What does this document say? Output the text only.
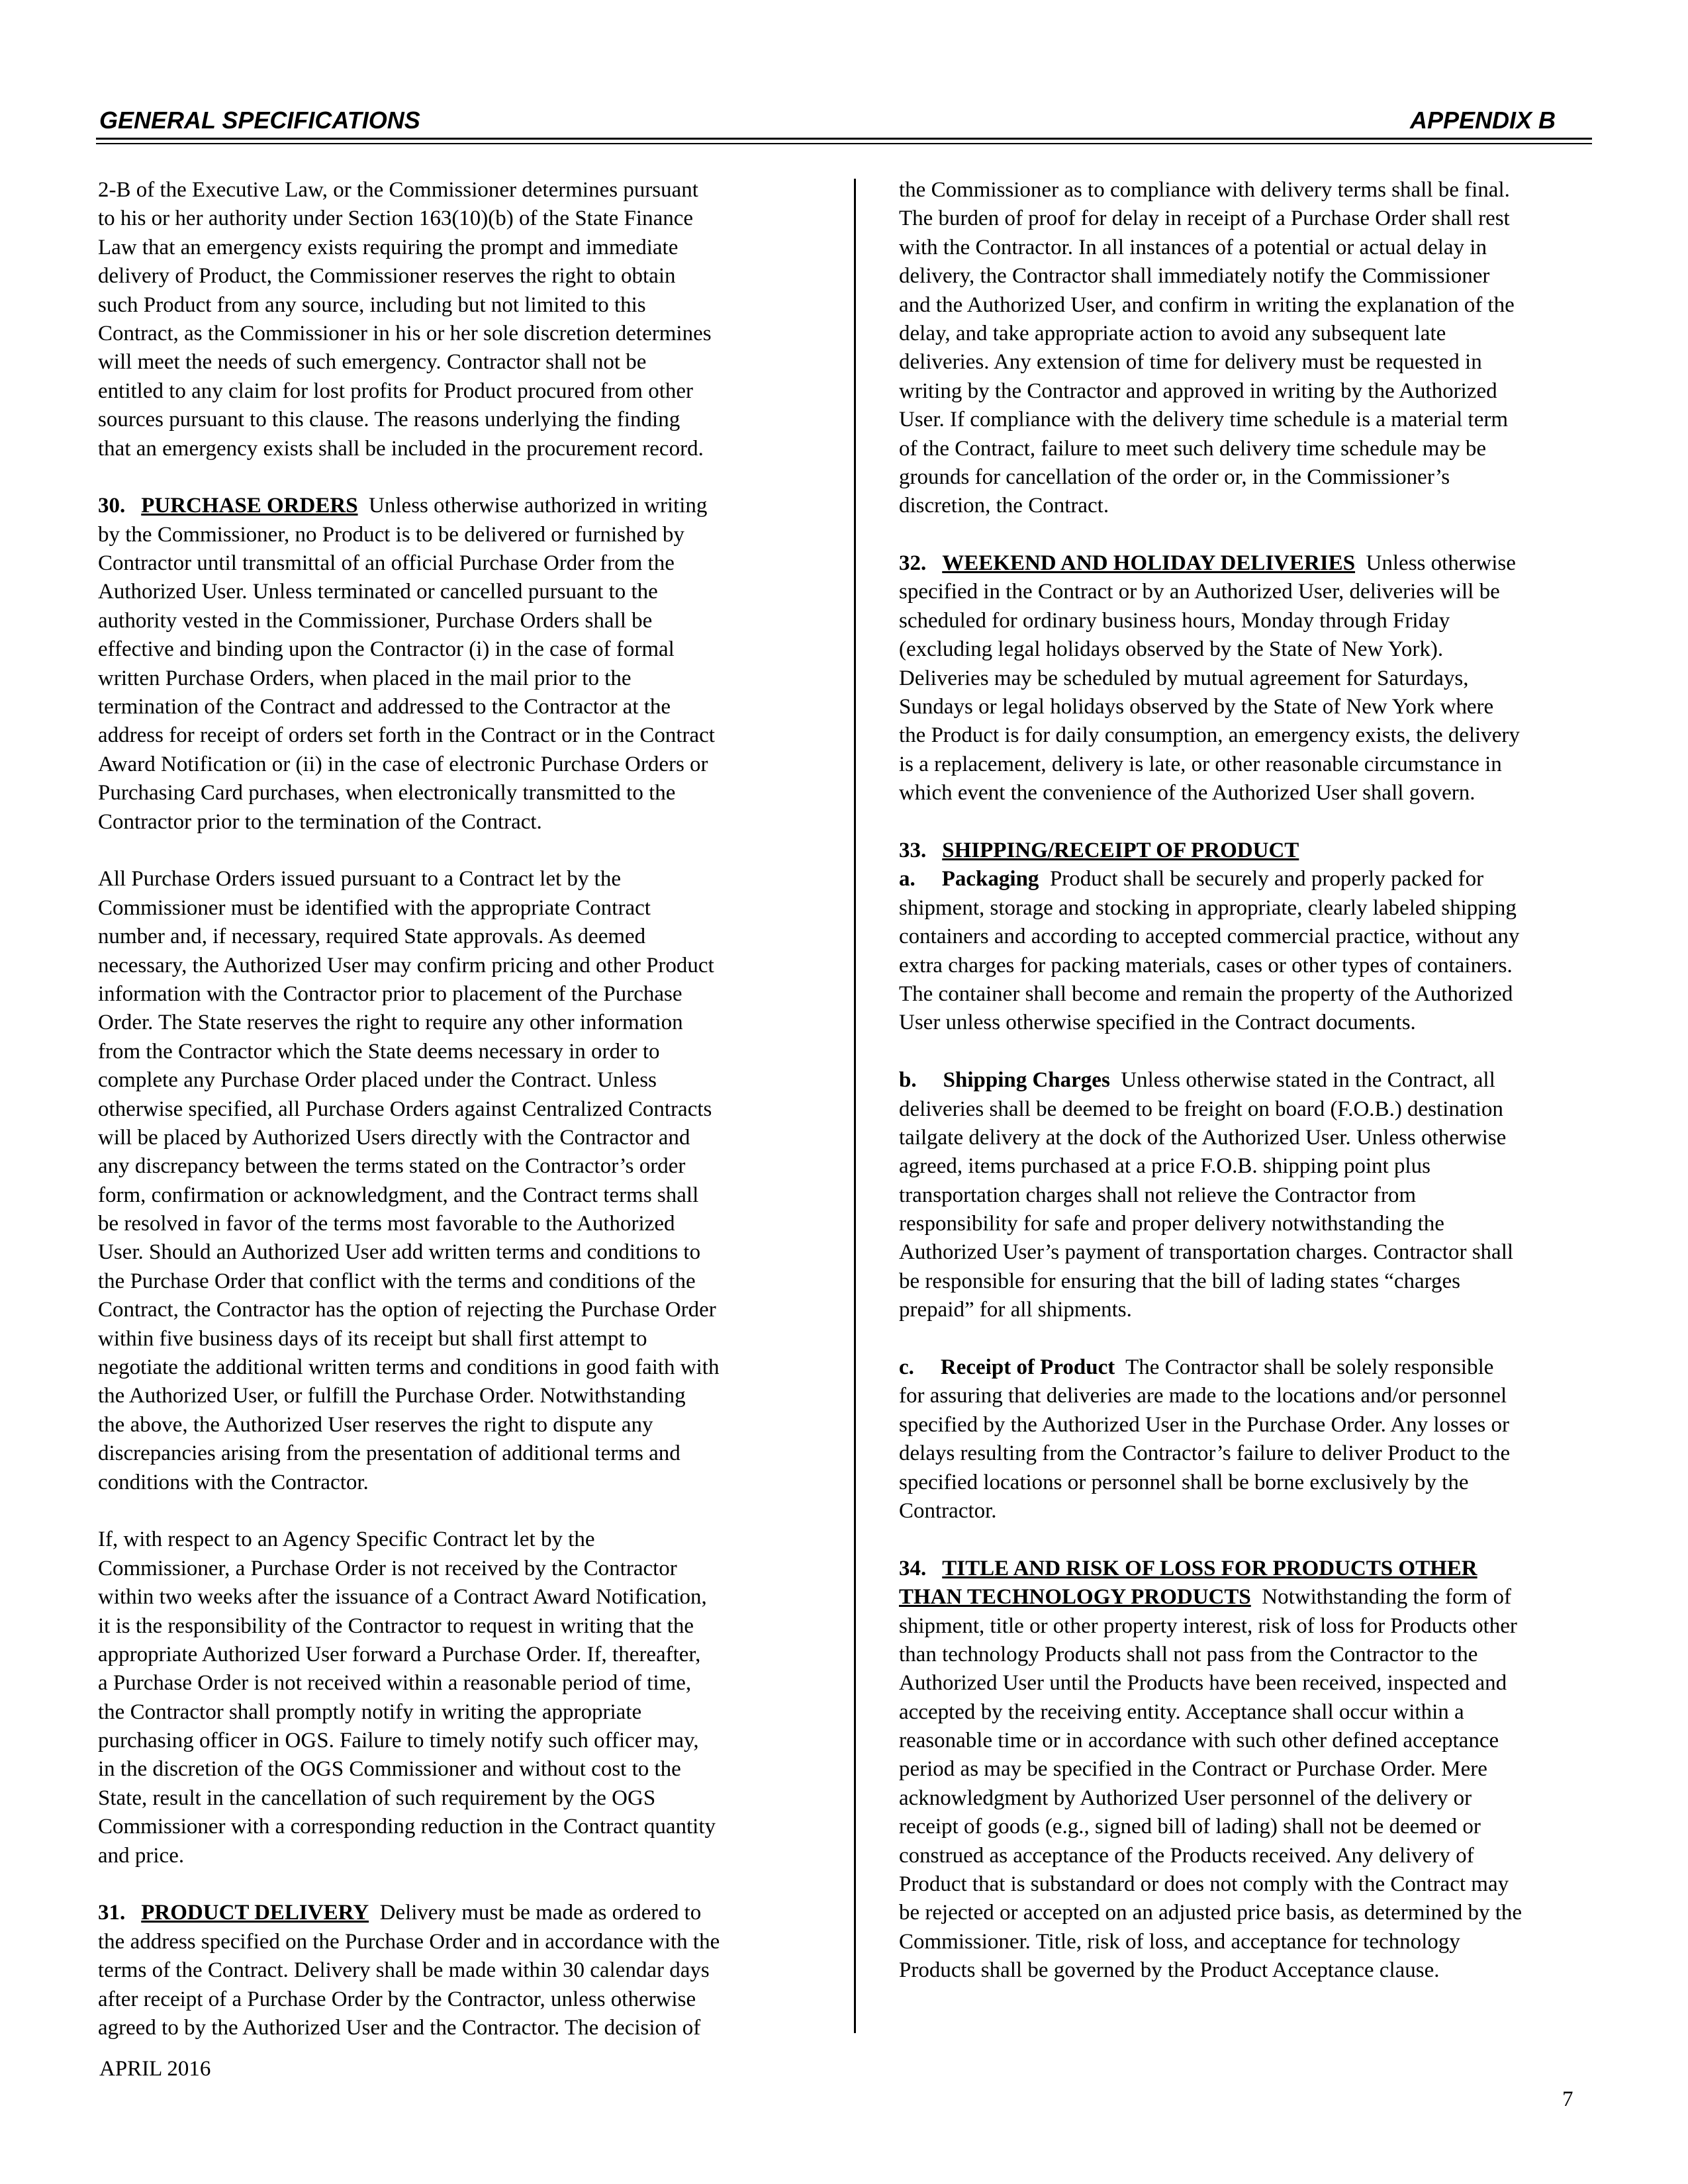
GENERAL SPECIFICATIONS	APPENDIX B
2-B of the Executive Law, or the Commissioner determines pursuant
to his or her authority under Section 163(10)(b) of the State Finance
Law that an emergency exists requiring the prompt and immediate
delivery of Product, the Commissioner reserves the right to obtain
such Product from any source, including but not limited to this
Contract, as the Commissioner in his or her sole discretion determines
will meet the needs of such emergency. Contractor shall not be
entitled to any claim for lost profits for Product procured from other
sources pursuant to this clause. The reasons underlying the finding
that an emergency exists shall be included in the procurement record.
30. PURCHASE ORDERS Unless otherwise authorized in writing
by the Commissioner, no Product is to be delivered or furnished by
Contractor until transmittal of an official Purchase Order from the
Authorized User. Unless terminated or cancelled pursuant to the
authority vested in the Commissioner, Purchase Orders shall be
effective and binding upon the Contractor (i) in the case of formal
written Purchase Orders, when placed in the mail prior to the
termination of the Contract and addressed to the Contractor at the
address for receipt of orders set forth in the Contract or in the Contract
Award Notification or (ii) in the case of electronic Purchase Orders or
Purchasing Card purchases, when electronically transmitted to the
Contractor prior to the termination of the Contract.
All Purchase Orders issued pursuant to a Contract let by the
Commissioner must be identified with the appropriate Contract
number and, if necessary, required State approvals. As deemed
necessary, the Authorized User may confirm pricing and other Product
information with the Contractor prior to placement of the Purchase
Order. The State reserves the right to require any other information
from the Contractor which the State deems necessary in order to
complete any Purchase Order placed under the Contract. Unless
otherwise specified, all Purchase Orders against Centralized Contracts
will be placed by Authorized Users directly with the Contractor and
any discrepancy between the terms stated on the Contractor’s order
form, confirmation or acknowledgment, and the Contract terms shall
be resolved in favor of the terms most favorable to the Authorized
User. Should an Authorized User add written terms and conditions to
the Purchase Order that conflict with the terms and conditions of the
Contract, the Contractor has the option of rejecting the Purchase Order
within five business days of its receipt but shall first attempt to
negotiate the additional written terms and conditions in good faith with
the Authorized User, or fulfill the Purchase Order. Notwithstanding
the above, the Authorized User reserves the right to dispute any
discrepancies arising from the presentation of additional terms and
conditions with the Contractor.
If, with respect to an Agency Specific Contract let by the
Commissioner, a Purchase Order is not received by the Contractor
within two weeks after the issuance of a Contract Award Notification,
it is the responsibility of the Contractor to request in writing that the
appropriate Authorized User forward a Purchase Order. If, thereafter,
a Purchase Order is not received within a reasonable period of time,
the Contractor shall promptly notify in writing the appropriate
purchasing officer in OGS. Failure to timely notify such officer may,
in the discretion of the OGS Commissioner and without cost to the
State, result in the cancellation of such requirement by the OGS
Commissioner with a corresponding reduction in the Contract quantity
and price.
31. PRODUCT DELIVERY Delivery must be made as ordered to
the address specified on the Purchase Order and in accordance with the
terms of the Contract. Delivery shall be made within 30 calendar days
after receipt of a Purchase Order by the Contractor, unless otherwise
agreed to by the Authorized User and the Contractor. The decision of
the Commissioner as to compliance with delivery terms shall be final.
The burden of proof for delay in receipt of a Purchase Order shall rest
with the Contractor. In all instances of a potential or actual delay in
delivery, the Contractor shall immediately notify the Commissioner
and the Authorized User, and confirm in writing the explanation of the
delay, and take appropriate action to avoid any subsequent late
deliveries. Any extension of time for delivery must be requested in
writing by the Contractor and approved in writing by the Authorized
User. If compliance with the delivery time schedule is a material term
of the Contract, failure to meet such delivery time schedule may be
grounds for cancellation of the order or, in the Commissioner’s
discretion, the Contract.
32. WEEKEND AND HOLIDAY DELIVERIES Unless otherwise
specified in the Contract or by an Authorized User, deliveries will be
scheduled for ordinary business hours, Monday through Friday
(excluding legal holidays observed by the State of New York).
Deliveries may be scheduled by mutual agreement for Saturdays,
Sundays or legal holidays observed by the State of New York where
the Product is for daily consumption, an emergency exists, the delivery
is a replacement, delivery is late, or other reasonable circumstance in
which event the convenience of the Authorized User shall govern.
33. SHIPPING/RECEIPT OF PRODUCT
a. Packaging Product shall be securely and properly packed for
shipment, storage and stocking in appropriate, clearly labeled shipping
containers and according to accepted commercial practice, without any
extra charges for packing materials, cases or other types of containers.
The container shall become and remain the property of the Authorized
User unless otherwise specified in the Contract documents.
b. Shipping Charges Unless otherwise stated in the Contract, all
deliveries shall be deemed to be freight on board (F.O.B.) destination
tailgate delivery at the dock of the Authorized User. Unless otherwise
agreed, items purchased at a price F.O.B. shipping point plus
transportation charges shall not relieve the Contractor from
responsibility for safe and proper delivery notwithstanding the
Authorized User’s payment of transportation charges. Contractor shall
be responsible for ensuring that the bill of lading states “charges
prepaid” for all shipments.
c. Receipt of Product The Contractor shall be solely responsible
for assuring that deliveries are made to the locations and/or personnel
specified by the Authorized User in the Purchase Order. Any losses or
delays resulting from the Contractor’s failure to deliver Product to the
specified locations or personnel shall be borne exclusively by the
Contractor.
34. TITLE AND RISK OF LOSS FOR PRODUCTS OTHER
THAN TECHNOLOGY PRODUCTS Notwithstanding the form of
shipment, title or other property interest, risk of loss for Products other
than technology Products shall not pass from the Contractor to the
Authorized User until the Products have been received, inspected and
accepted by the receiving entity. Acceptance shall occur within a
reasonable time or in accordance with such other defined acceptance
period as may be specified in the Contract or Purchase Order. Mere
acknowledgment by Authorized User personnel of the delivery or
receipt of goods (e.g., signed bill of lading) shall not be deemed or
construed as acceptance of the Products received. Any delivery of
Product that is substandard or does not comply with the Contract may
be rejected or accepted on an adjusted price basis, as determined by the
Commissioner. Title, risk of loss, and acceptance for technology
Products shall be governed by the Product Acceptance clause.
APRIL 2016
7
